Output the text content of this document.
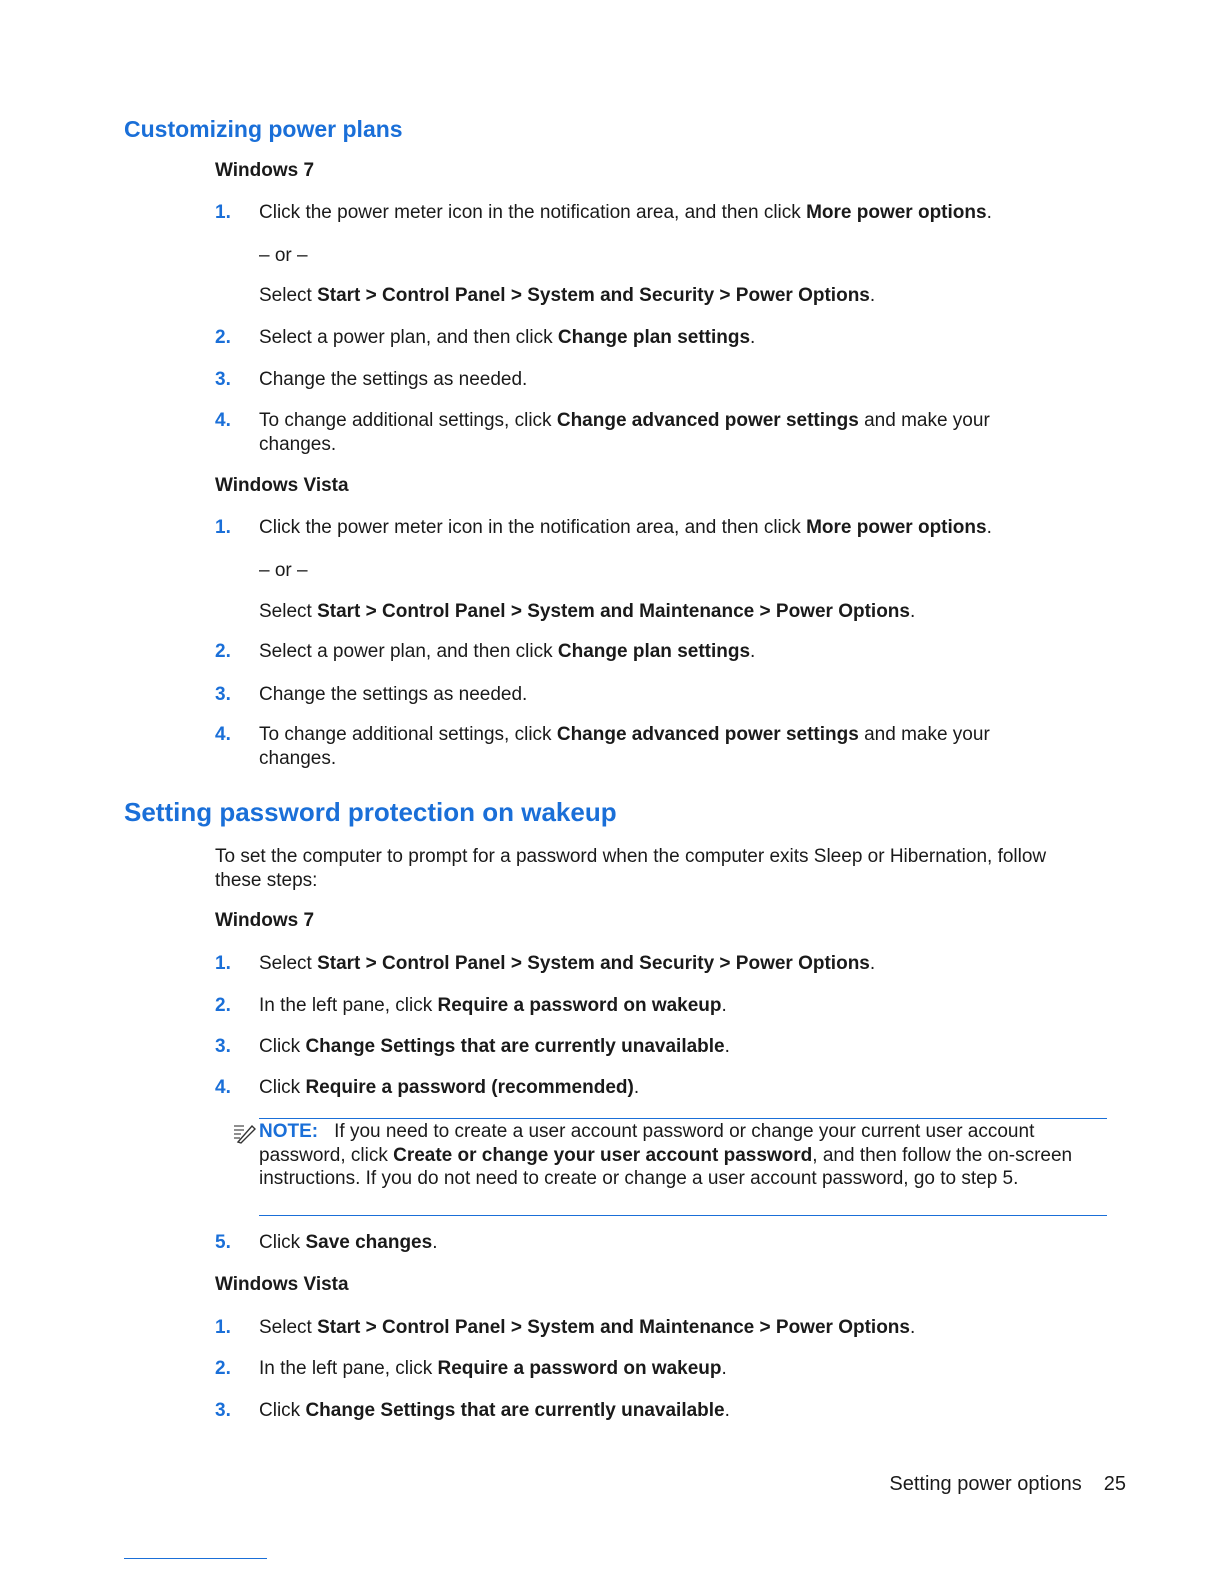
Customizing power plans
Windows 7
1.	Click the power meter icon in the notification area, and then click More power options.
– or –
Select Start > Control Panel > System and Security > Power Options.
2.	Select a power plan, and then click Change plan settings.
3.	Change the settings as needed.
4.	To change additional settings, click Change advanced power settings and make your changes.
Windows Vista
1.	Click the power meter icon in the notification area, and then click More power options.
– or –
Select Start > Control Panel > System and Maintenance > Power Options.
2.	Select a power plan, and then click Change plan settings.
3.	Change the settings as needed.
4.	To change additional settings, click Change advanced power settings and make your changes.
Setting password protection on wakeup
To set the computer to prompt for a password when the computer exits Sleep or Hibernation, follow these steps:
Windows 7
1.	Select Start > Control Panel > System and Security > Power Options.
2.	In the left pane, click Require a password on wakeup.
3.	Click Change Settings that are currently unavailable.
4.	Click Require a password (recommended).
NOTE: If you need to create a user account password or change your current user account password, click Create or change your user account password, and then follow the on-screen instructions. If you do not need to create or change a user account password, go to step 5.
5.	Click Save changes.
Windows Vista
1.	Select Start > Control Panel > System and Maintenance > Power Options.
2.	In the left pane, click Require a password on wakeup.
3.	Click Change Settings that are currently unavailable.
Setting power options 25
